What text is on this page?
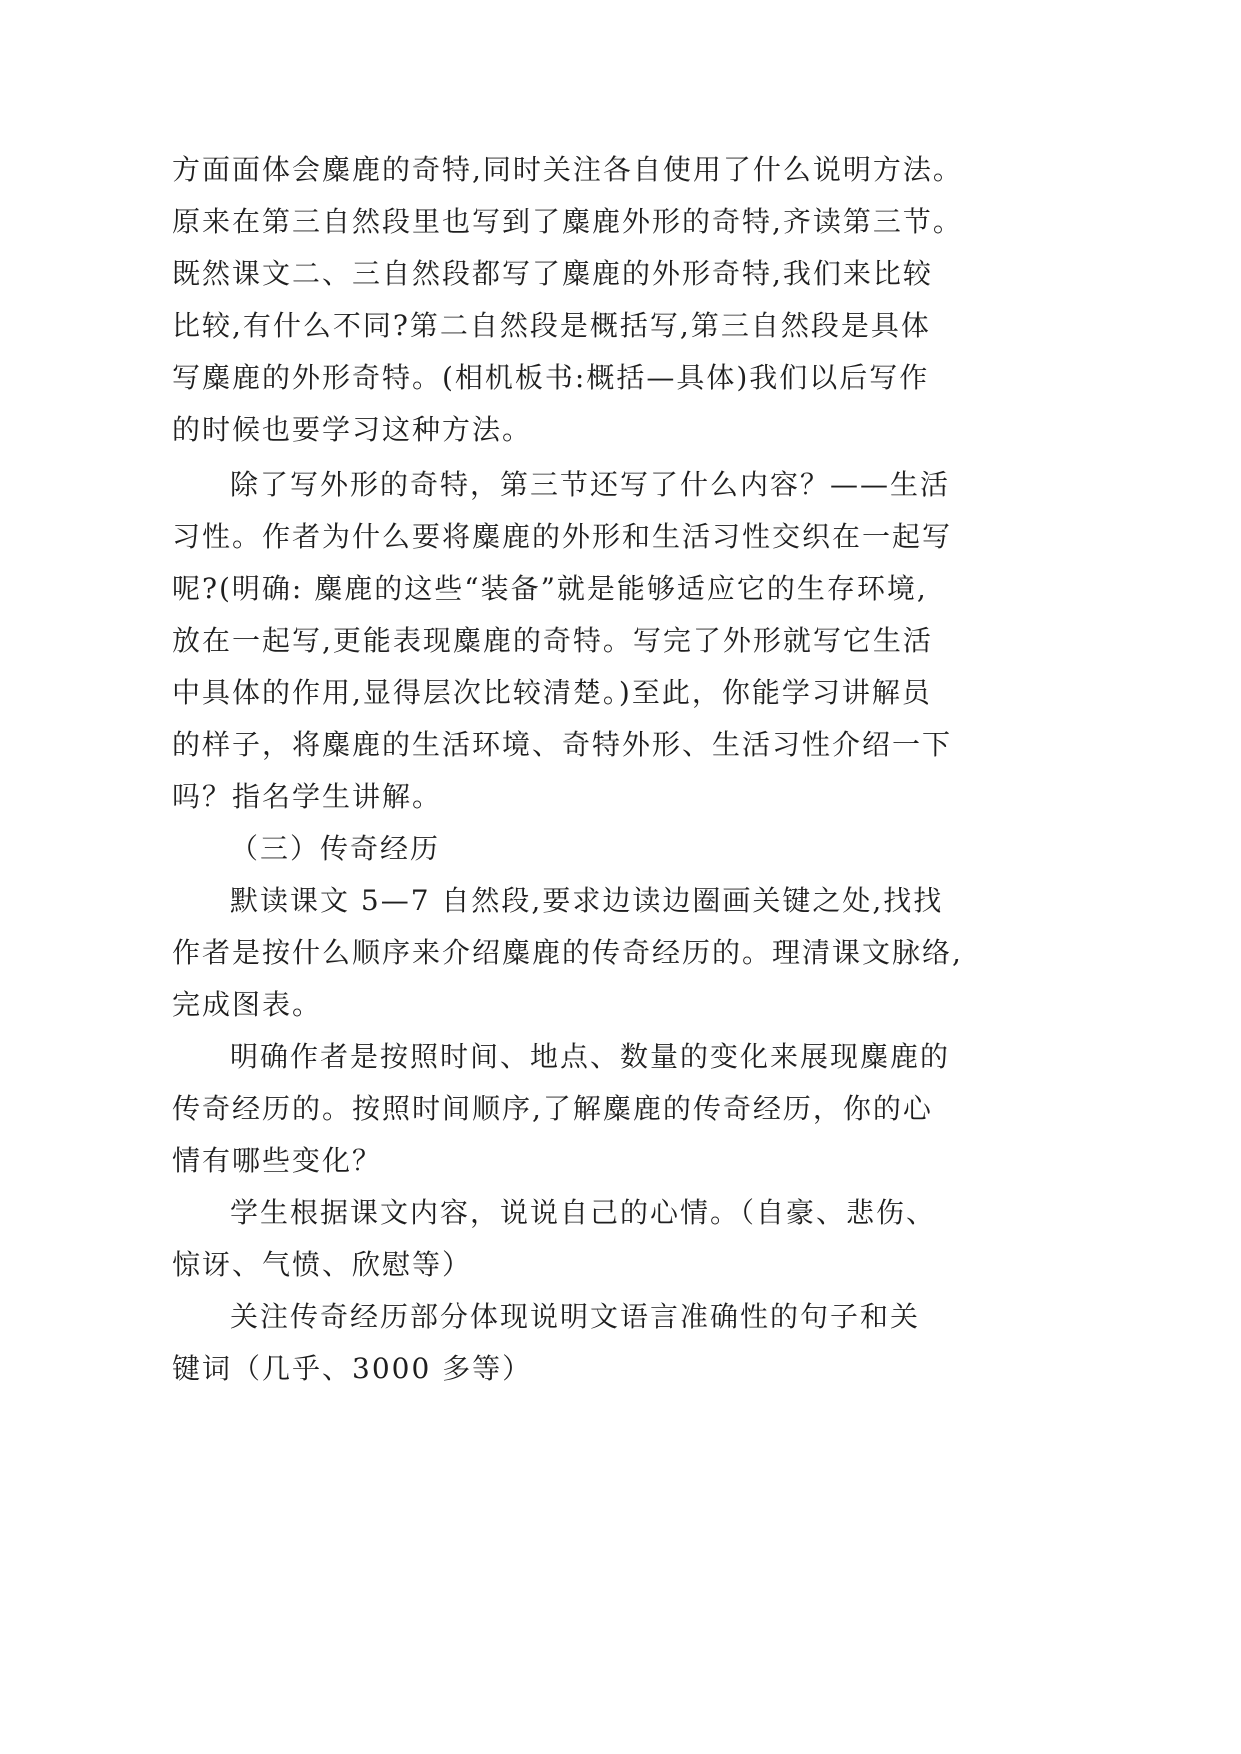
方面面体会麋鹿的奇特,同时关注各自使用了什么说明方法。
原来在第三自然段里也写到了麋鹿外形的奇特,齐读第三节。
既然课文二、三自然段都写了麋鹿的外形奇特,我们来比较
比较,有什么不同?第二自然段是概括写,第三自然段是具体
写麋鹿的外形奇特。(相机板书:概括—具体)我们以后写作
的时候也要学习这种方法。
除了写外形的奇特，第三节还写了什么内容？——生活
习性。作者为什么要将麋鹿的外形和生活习性交织在一起写
呢?(明确: 麋鹿的这些“装备”就是能够适应它的生存环境,
放在一起写,更能表现麋鹿的奇特。写完了外形就写它生活
中具体的作用,显得层次比较清楚。)至此，你能学习讲解员
的样子，将麋鹿的生活环境、奇特外形、生活习性介绍一下
吗？指名学生讲解。
（三）传奇经历
默读课文 5—7 自然段,要求边读边圈画关键之处,找找
作者是按什么顺序来介绍麋鹿的传奇经历的。理清课文脉络,
完成图表。
明确作者是按照时间、地点、数量的变化来展现麋鹿的
传奇经历的。按照时间顺序,了解麋鹿的传奇经历，你的心
情有哪些变化？
学生根据课文内容，说说自己的心情。（自豪、悲伤、
惊讶、气愤、欣慰等）
关注传奇经历部分体现说明文语言准确性的句子和关
键词（几乎、3000 多等）
